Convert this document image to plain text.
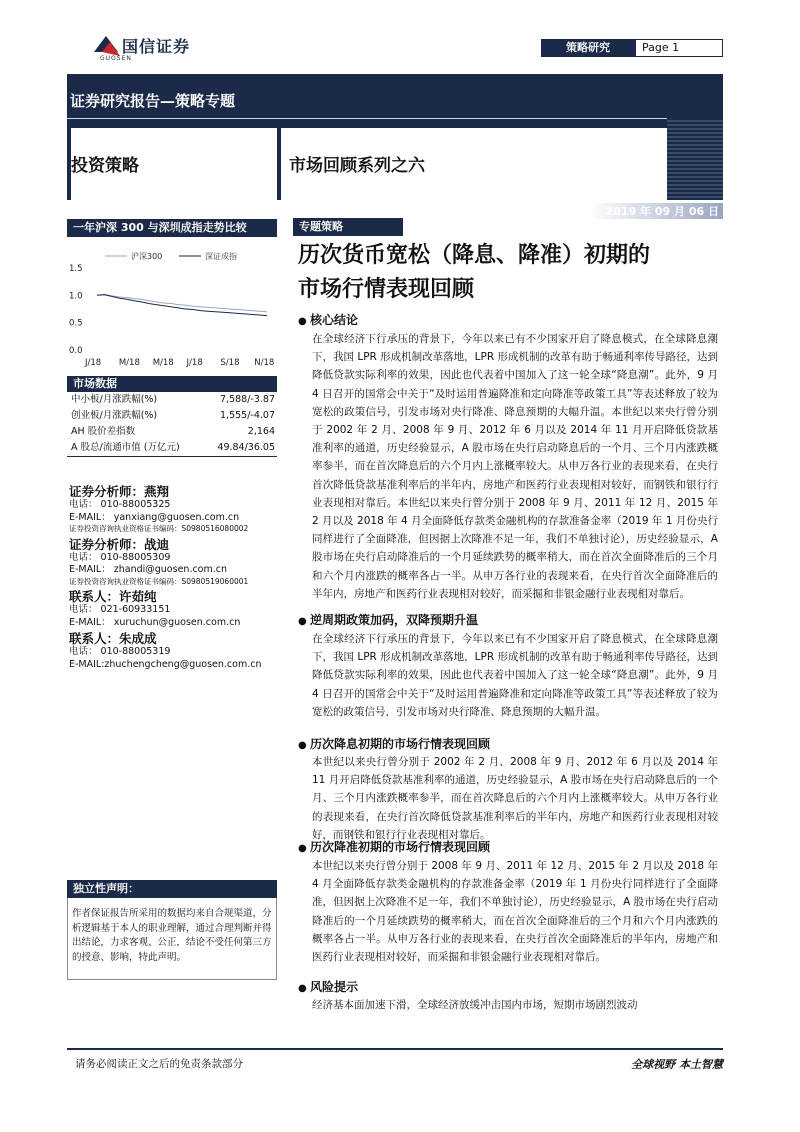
国信证券
GUOSEN
策略研究	Page 1
证券研究报告—策略专题
投资策略	市场回顾系列之六
2019 年 09 月 06 日
一年沪深 300 与深圳成指走势比较
1.5
1.0
0.5
0.0
J/18 M/18 M/18 J/18 S/18 N/18
沪深300	深证成指
市场数据
中小板/月涨跌幅(%)	7,588/-3.87
创业板/月涨跌幅(%)	1,555/-4.07
AH 股价差指数	2,164
A 股总/流通市值 (万亿元)	49.84/36.05
证券分析师：燕翔
电话： 010-88005325
E-MAIL： yanxiang@guosen.com.cn
证券投资咨询执业资格证书编码：S0980516080002
证券分析师：战迪
电话： 010-88005309
E-MAIL： zhandi@guosen.com.cn
证券投资咨询执业资格证书编码：S0980519060001
联系人：许茹纯
电话： 021-60933151
E-MAIL： xuruchun@guosen.com.cn
联系人：朱成成
电话： 010-88005319
E-MAIL:zhuchengcheng@guosen.com.cn
独立性声明：
作者保证报告所采用的数据均来自合规渠道，分析逻辑基于本人的职业理解，通过合理判断并得出结论，力求客观、公正，结论不受任何第三方的授意、影响，特此声明。
专题策略
历次货币宽松（降息、降准）初期的
市场行情表现回顾
● 核心结论
在全球经济下行承压的背景下，今年以来已有不少国家开启了降息模式，在全球降息潮下，我国 LPR 形成机制改革落地，LPR 形成机制的改革有助于畅通利率传导路径，达到降低贷款实际利率的效果，因此也代表着中国加入了这一轮全球“降息潮”。此外，9 月 4 日召开的国常会中关于“及时运用普遍降准和定向降准等政策工具”等表述释放了较为宽松的政策信号，引发市场对央行降准、降息预期的大幅升温。本世纪以来央行曾分别于 2002 年 2 月、2008 年 9 月、2012 年 6 月以及 2014 年 11 月开启降低贷款基准利率的通道，历史经验显示，A 股市场在央行启动降息后的一个月、三个月内涨跌概率参半，而在首次降息后的六个月内上涨概率较大。从申万各行业的表现来看，在央行首次降低贷款基准利率后的半年内，房地产和医药行业表现相对较好，而钢铁和银行行业表现相对靠后。本世纪以来央行曾分别于 2008 年 9 月、2011 年 12 月、2015 年 2 月以及 2018 年 4 月全面降低存款类金融机构的存款准备金率（2019 年 1 月份央行同样进行了全面降准，但因据上次降准不足一年，我们不单独讨论），历史经验显示，A 股市场在央行启动降准后的一个月延续跌势的概率稍大，而在首次全面降准后的三个月和六个月内涨跌的概率各占一半。从申万各行业的表现来看，在央行首次全面降准后的半年内，房地产和医药行业表现相对较好，而采掘和非银金融行业表现相对靠后。
● 逆周期政策加码，双降预期升温
在全球经济下行承压的背景下，今年以来已有不少国家开启了降息模式，在全球降息潮下，我国 LPR 形成机制改革落地，LPR 形成机制的改革有助于畅通利率传导路径，达到降低贷款实际利率的效果，因此也代表着中国加入了这一轮全球“降息潮”。此外，9 月 4 日召开的国常会中关于“及时运用普遍降准和定向降准等政策工具”等表述释放了较为宽松的政策信号，引发市场对央行降准、降息预期的大幅升温。
● 历次降息初期的市场行情表现回顾
本世纪以来央行曾分别于 2002 年 2 月、2008 年 9 月、2012 年 6 月以及 2014 年 11 月开启降低贷款基准利率的通道，历史经验显示，A 股市场在央行启动降息后的一个月、三个月内涨跌概率参半，而在首次降息后的六个月内上涨概率较大。从申万各行业的表现来看，在央行首次降低贷款基准利率后的半年内，房地产和医药行业表现相对较好，而钢铁和银行行业表现相对靠后。
● 历次降准初期的市场行情表现回顾
本世纪以来央行曾分别于 2008 年 9 月、2011 年 12 月、2015 年 2 月以及 2018 年 4 月全面降低存款类金融机构的存款准备金率（2019 年 1 月份央行同样进行了全面降准，但因据上次降准不足一年，我们不单独讨论），历史经验显示，A 股市场在央行启动降准后的一个月延续跌势的概率稍大，而在首次全面降准后的三个月和六个月内涨跌的概率各占一半。从申万各行业的表现来看，在央行首次全面降准后的半年内，房地产和医药行业表现相对较好，而采掘和非银金融行业表现相对靠后。
● 风险提示
经济基本面加速下滑，全球经济放缓冲击国内市场，短期市场剧烈波动
请务必阅读正文之后的免责条款部分	全球视野 本土智慧
